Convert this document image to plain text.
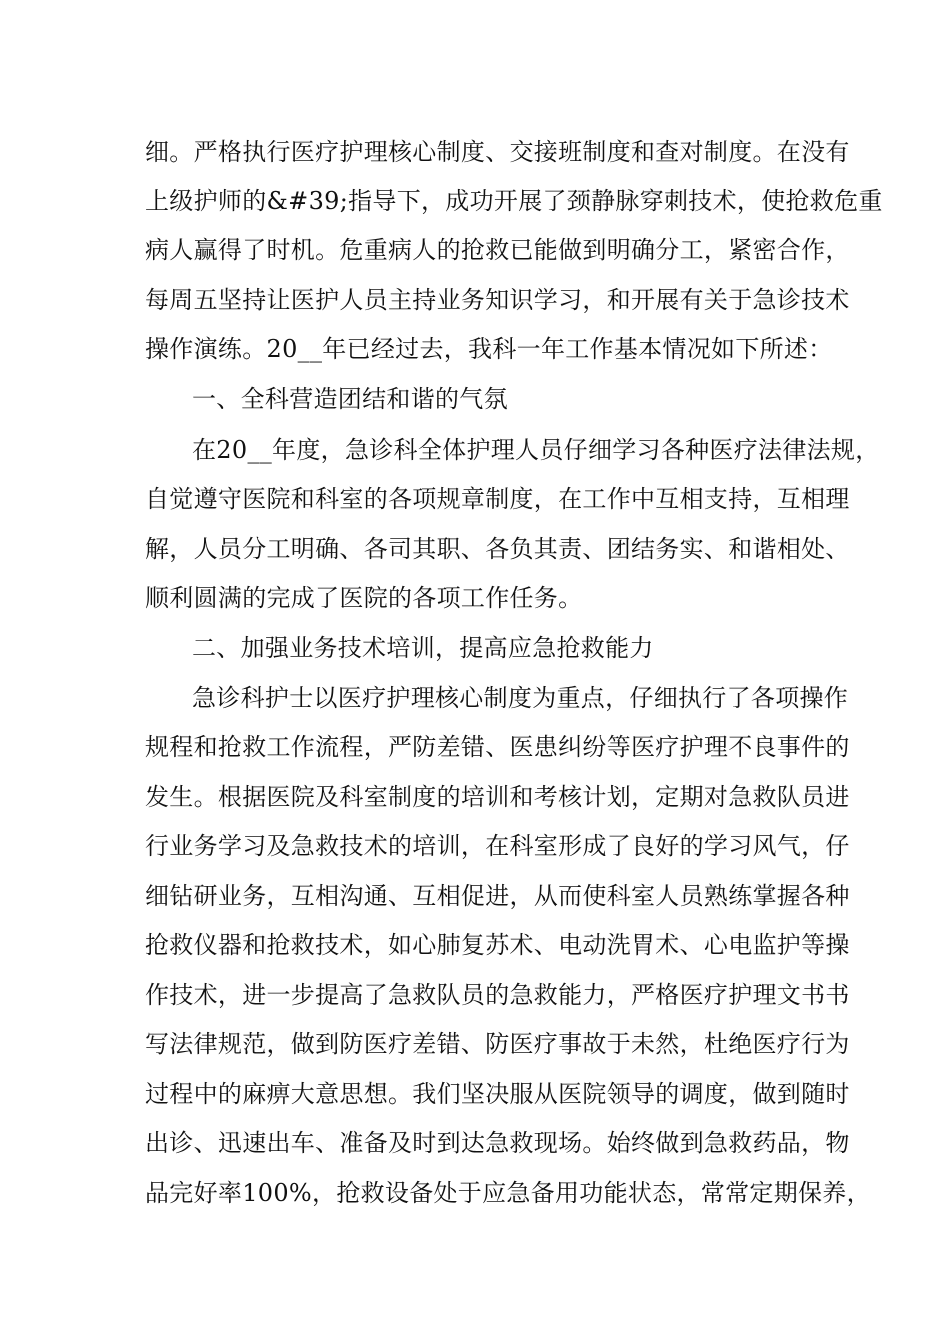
细。严格执行医疗护理核心制度、交接班制度和查对制度。在没有
上级护师的&#39;指导下，成功开展了颈静脉穿刺技术，使抢救危重
病人赢得了时机。危重病人的抢救已能做到明确分工，紧密合作，
每周五坚持让医护人员主持业务知识学习，和开展有关于急诊技术
操作演练。20__年已经过去，我科一年工作基本情况如下所述：
一、全科营造团结和谐的气氛
在20__年度，急诊科全体护理人员仔细学习各种医疗法律法规，
自觉遵守医院和科室的各项规章制度，在工作中互相支持，互相理
解，人员分工明确、各司其职、各负其责、团结务实、和谐相处、
顺利圆满的完成了医院的各项工作任务。
二、加强业务技术培训，提高应急抢救能力
急诊科护士以医疗护理核心制度为重点，仔细执行了各项操作
规程和抢救工作流程，严防差错、医患纠纷等医疗护理不良事件的
发生。根据医院及科室制度的培训和考核计划，定期对急救队员进
行业务学习及急救技术的培训，在科室形成了良好的学习风气，仔
细钻研业务，互相沟通、互相促进，从而使科室人员熟练掌握各种
抢救仪器和抢救技术，如心肺复苏术、电动洗胃术、心电监护等操
作技术，进一步提高了急救队员的急救能力，严格医疗护理文书书
写法律规范，做到防医疗差错、防医疗事故于未然，杜绝医疗行为
过程中的麻痹大意思想。我们坚决服从医院领导的调度，做到随时
出诊、迅速出车、准备及时到达急救现场。始终做到急救药品，物
品完好率100%，抢救设备处于应急备用功能状态，常常定期保养，
